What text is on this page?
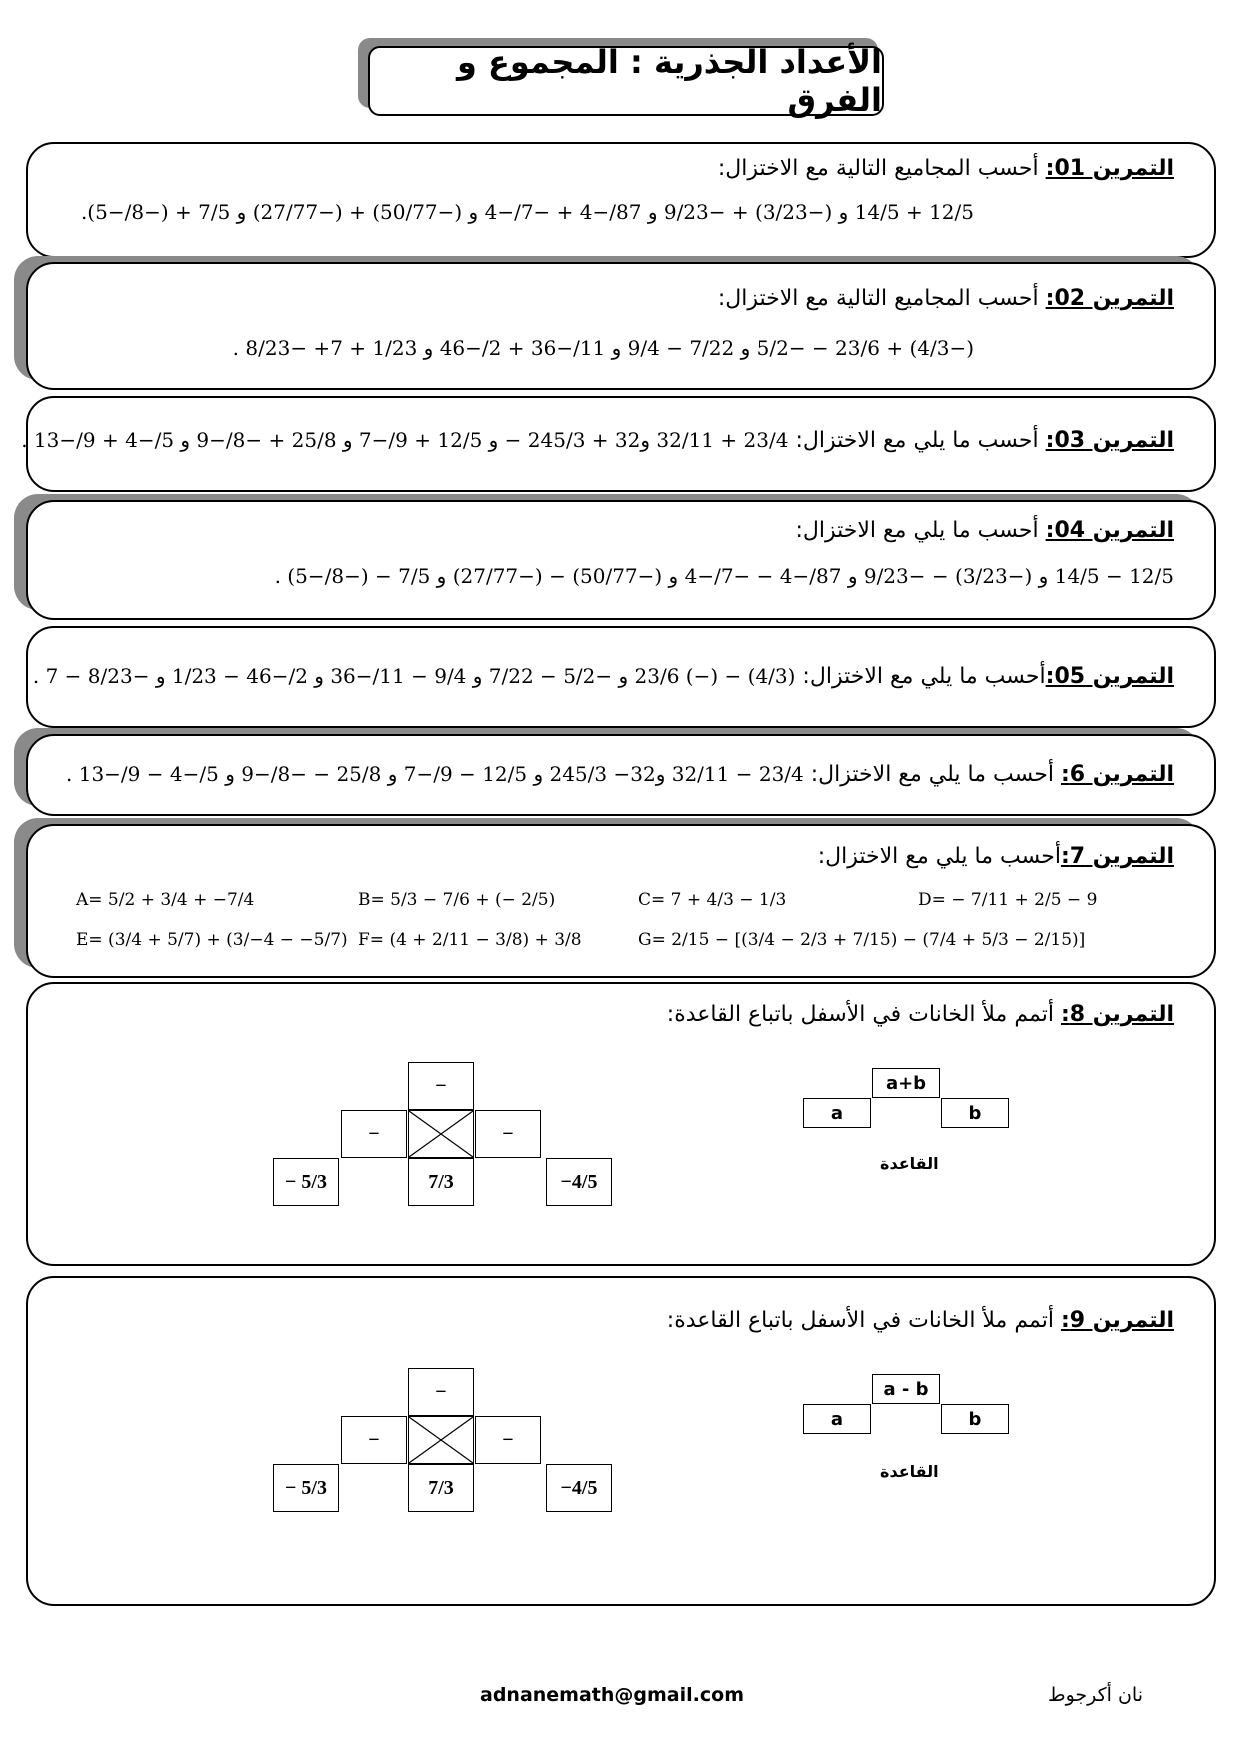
الأعداد الجذرية : المجموع و الفرق
التمرين 01: أحسب المجاميع التالية مع الاختزال:
12/5 + 14/5 و (−3/23) + −9/23 و 87/−4 + −7/−4 و (−50/77) + (−27/77) و 7/5 + (−8/−5).
التمرين 02: أحسب المجاميع التالية مع الاختزال:
(−4/3) + 23/6 − −5/2 و 7/22 − 9/4 و 11/−36 + 2/−46 و 1/23 + 7+ −8/23 .
التمرين 03: أحسب ما يلي مع الاختزال: 23/4 + 32/11 و32 + 245/3 − و 12/5 + 9/−7 و 25/8 + −8/−9 و 5/−4 + 9/−13 .
التمرين 04: أحسب ما يلي مع الاختزال:
12/5 − 14/5 و (−3/23) − −9/23 و 87/−4 − −7/−4 و (−50/77) − (−27/77) و 7/5 − (−8/−5) .
التمرين 05:أحسب ما يلي مع الاختزال: (4/3) − (−) 23/6 و −5/2 − 7/22 و 9/4 − 11/−36 و 2/−46 − 1/23 و −8/23 − 7 .
التمرين 6: أحسب ما يلي مع الاختزال: 23/4 − 32/11 و32− 245/3 و 12/5 − 9/−7 و 25/8 − −8/−9 و 5/−4 − 9/−13 .
التمرين 7:أحسب ما يلي مع الاختزال:
A= 5/2 + 3/4 + −7/4	B= 5/3 − 7/6 + (− 2/5)	C= 7 + 4/3 − 1/3	D= − 7/11 + 2/5 − 9
E= (3/4 + 5/7) + (3/−4 − −5/7) F= (4 + 2/11 − 3/8) + 3/8	G= 2/15 − [(3/4 − 2/3 + 7/15) − (7/4 + 5/3 − 2/15)]
التمرين 8: أتمم ملأ الخانات في الأسفل باتباع القاعدة:
−
−	−
− 5/3	7/3	−4/5
a+b
a	b
القاعدة
التمرين 9: أتمم ملأ الخانات في الأسفل باتباع القاعدة:
−
−	−
− 5/3	7/3	−4/5
a - b
a	b
القاعدة
adnanemath@gmail.com	نان أكرجوط
